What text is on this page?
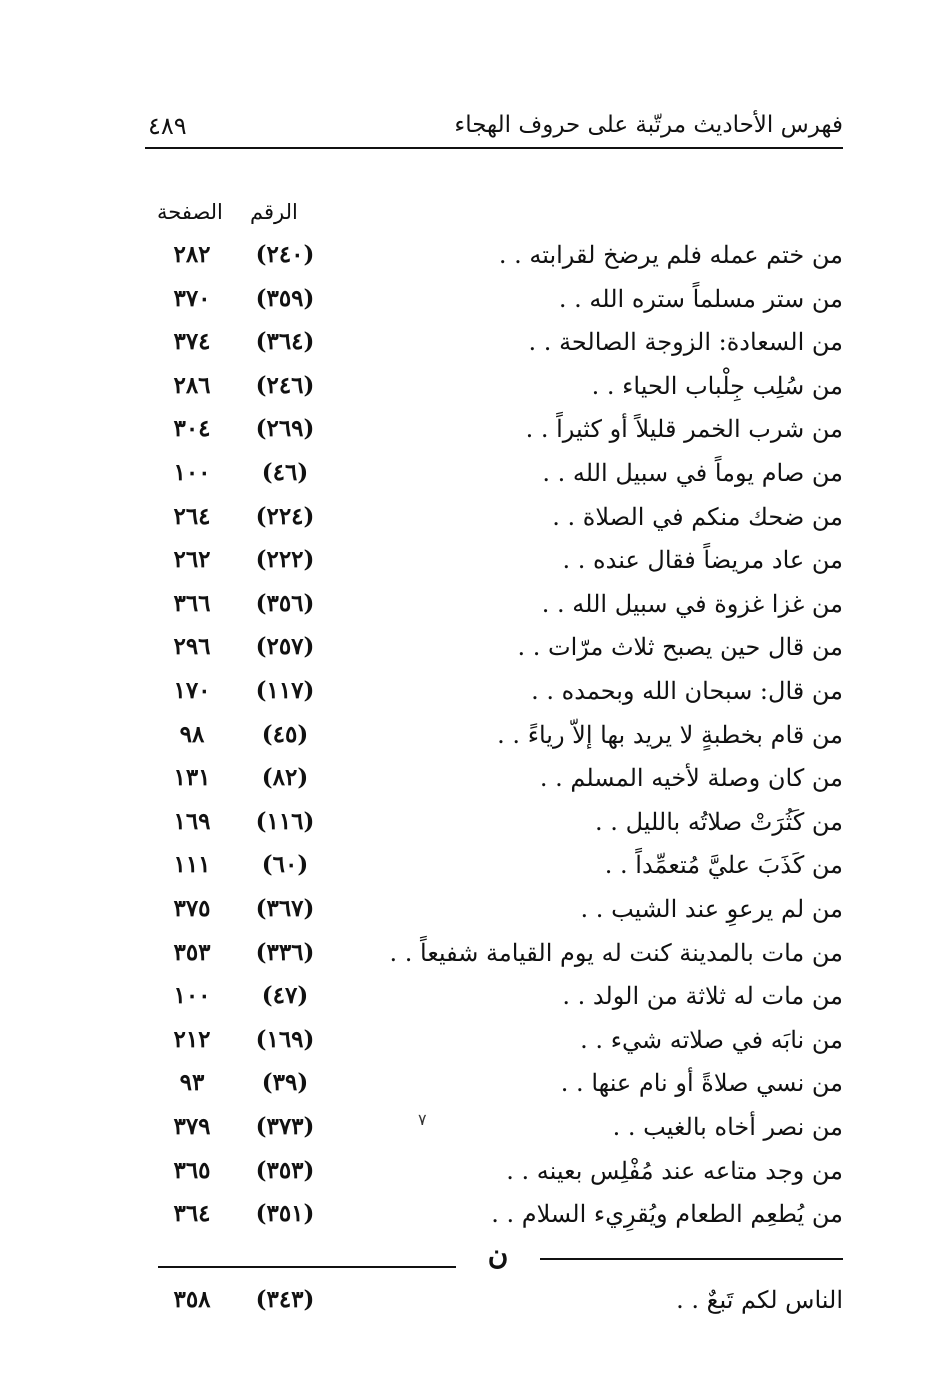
فهرس الأحاديث مرتّبة على حروف الهجاء
٤٨٩
الرقم
الصفحة
من ختم عمله فلم يرضخ لقرابته . .
(٢٤٠)
٢٨٢
من ستر مسلماً ستره الله . .
(٣٥٩)
٣٧٠
من السعادة: الزوجة الصالحة . .
(٣٦٤)
٣٧٤
من سُلِب جِلْباب الحياء . .
(٢٤٦)
٢٨٦
من شرب الخمر قليلاً أو كثيراً . .
(٢٦٩)
٣٠٤
من صام يوماً في سبيل الله . .
(٤٦)
١٠٠
من ضحك منكم في الصلاة . .
(٢٢٤)
٢٦٤
من عاد مريضاً فقال عنده . .
(٢٢٢)
٢٦٢
من غزا غزوة في سبيل الله . .
(٣٥٦)
٣٦٦
من قال حين يصبح ثلاث مرّات . .
(٢٥٧)
٢٩٦
من قال: سبحان الله وبحمده . .
(١١٧)
١٧٠
من قام بخطبةٍ لا يريد بها إلاّ رياءً . .
(٤٥)
٩٨
من كان وصلة لأخيه المسلم . .
(٨٢)
١٣١
من كَثُرَتْ صلاتُه بالليل . .
(١١٦)
١٦٩
من كَذَبَ عليَّ مُتعمِّداً . .
(٦٠)
١١١
من لم يرعوِ عند الشيب . .
(٣٦٧)
٣٧٥
من مات بالمدينة كنت له يوم القيامة شفيعاً . .
(٣٣٦)
٣٥٣
من مات له ثلاثة من الولد . .
(٤٧)
١٠٠
من نابَه في صلاته شيء . .
(١٦٩)
٢١٢
من نسي صلاةً أو نام عنها . .
(٣٩)
٩٣
من نصر أخاه بالغيب . .
(٣٧٣)
٣٧٩
من وجد متاعه عند مُفْلِس بعينه . .
(٣٥٣)
٣٦٥
من يُطعِم الطعام ويُقرِيء السلام . .
(٣٥١)
٣٦٤
ن
الناس لكم تَبعٌ . .
(٣٤٣)
٣٥٨
٧
